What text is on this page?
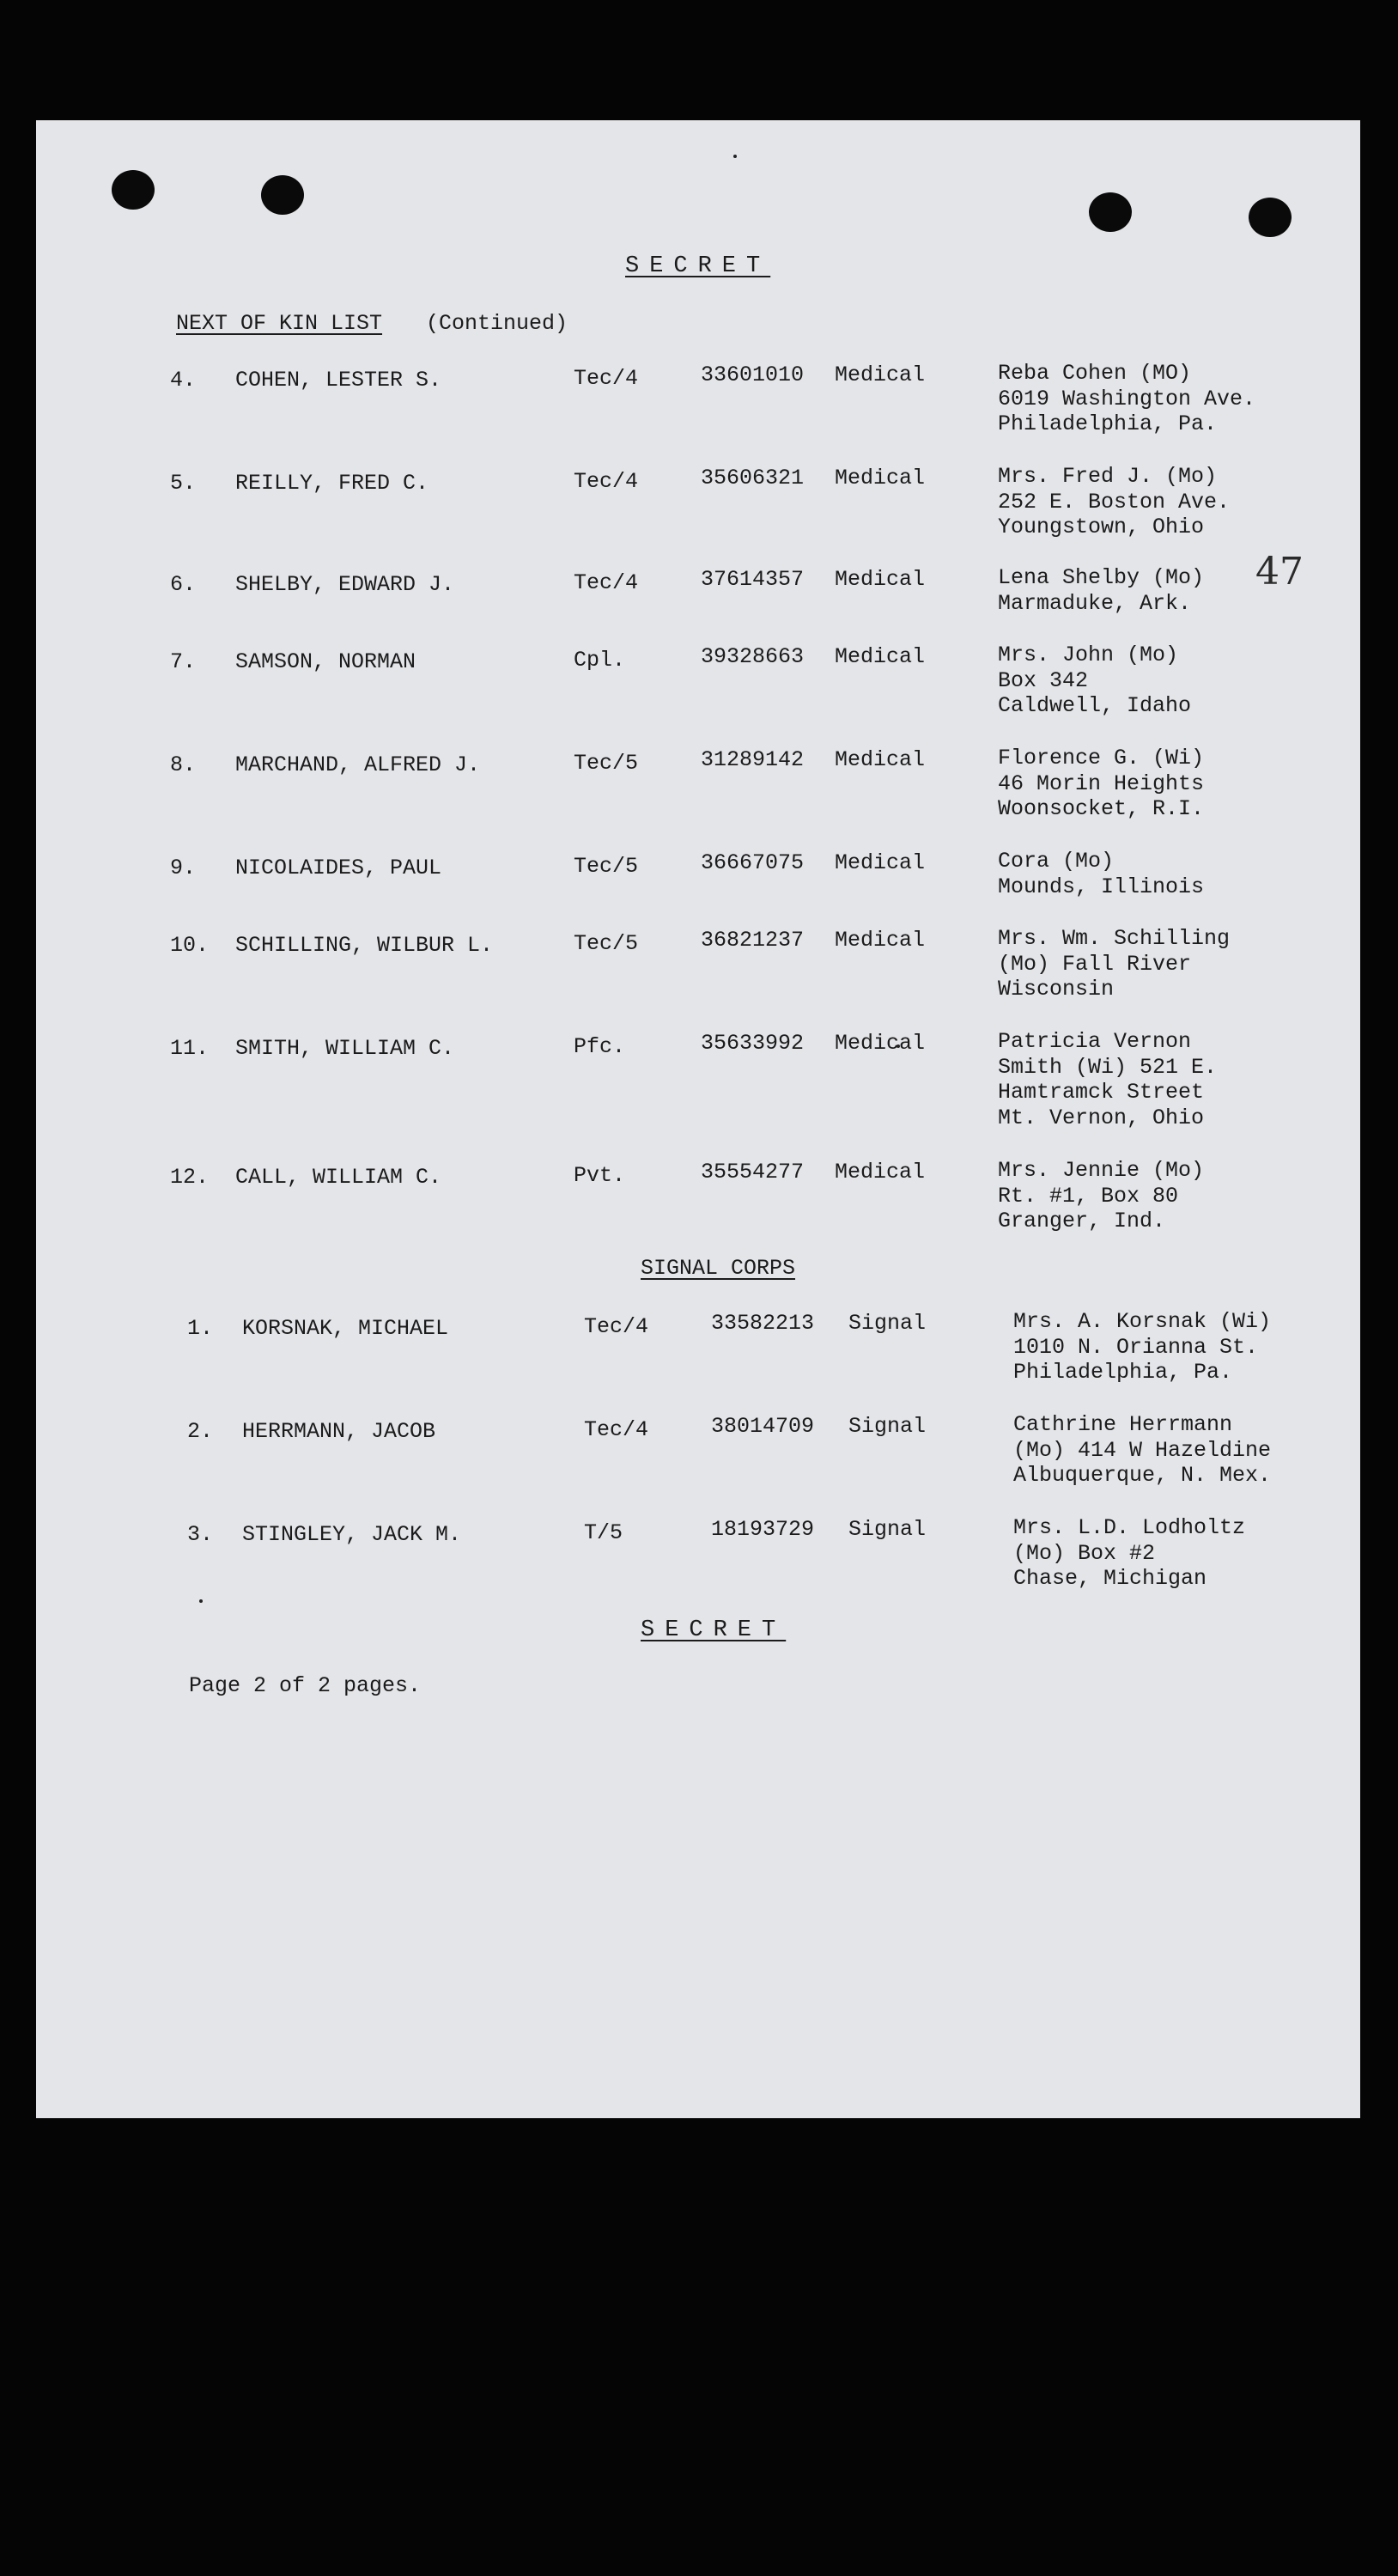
SECRET
NEXT OF KIN LIST (Continued)
47
4. COHEN, LESTER S.	Tec/4	33601010 Medical	Reba Cohen (MO)
6019 Washington Ave.
Philadelphia, Pa.
5. REILLY, FRED C.	Tec/4	35606321 Medical	Mrs. Fred J. (Mo)
252 E. Boston Ave.
Youngstown, Ohio
6. SHELBY, EDWARD J.	Tec/4	37614357 Medical	Lena Shelby (Mo)
Marmaduke, Ark.
7. SAMSON, NORMAN	Cpl.	39328663 Medical	Mrs. John (Mo)
Box 342
Caldwell, Idaho
8. MARCHAND, ALFRED J.	Tec/5	31289142 Medical	Florence G. (Wi)
46 Morin Heights
Woonsocket, R.I.
9. NICOLAIDES, PAUL	Tec/5	36667075 Medical	Cora (Mo)
Mounds, Illinois
10. SCHILLING, WILBUR L.	Tec/5	36821237 Medical	Mrs. Wm. Schilling
(Mo) Fall River
Wisconsin
11. SMITH, WILLIAM C.	Pfc.	35633992 Medical	Patricia Vernon
Smith (Wi) 521 E.
Hamtramck Street
Mt. Vernon, Ohio
12. CALL, WILLIAM C.	Pvt.	35554277 Medical	Mrs. Jennie (Mo)
Rt. #1, Box 80
Granger, Ind.
1. KORSNAK, MICHAEL	Tec/4	33582213 Signal	Mrs. A. Korsnak (Wi)
1010 N. Orianna St.
Philadelphia, Pa.
2. HERRMANN, JACOB	Tec/4	38014709 Signal	Cathrine Herrmann
(Mo) 414 W Hazeldine
Albuquerque, N. Mex.
3. STINGLEY, JACK M.	T/5	18193729 Signal	Mrs. L.D. Lodholtz
(Mo) Box #2
Chase, Michigan
SIGNAL CORPS
SECRET
Page 2 of 2 pages.
